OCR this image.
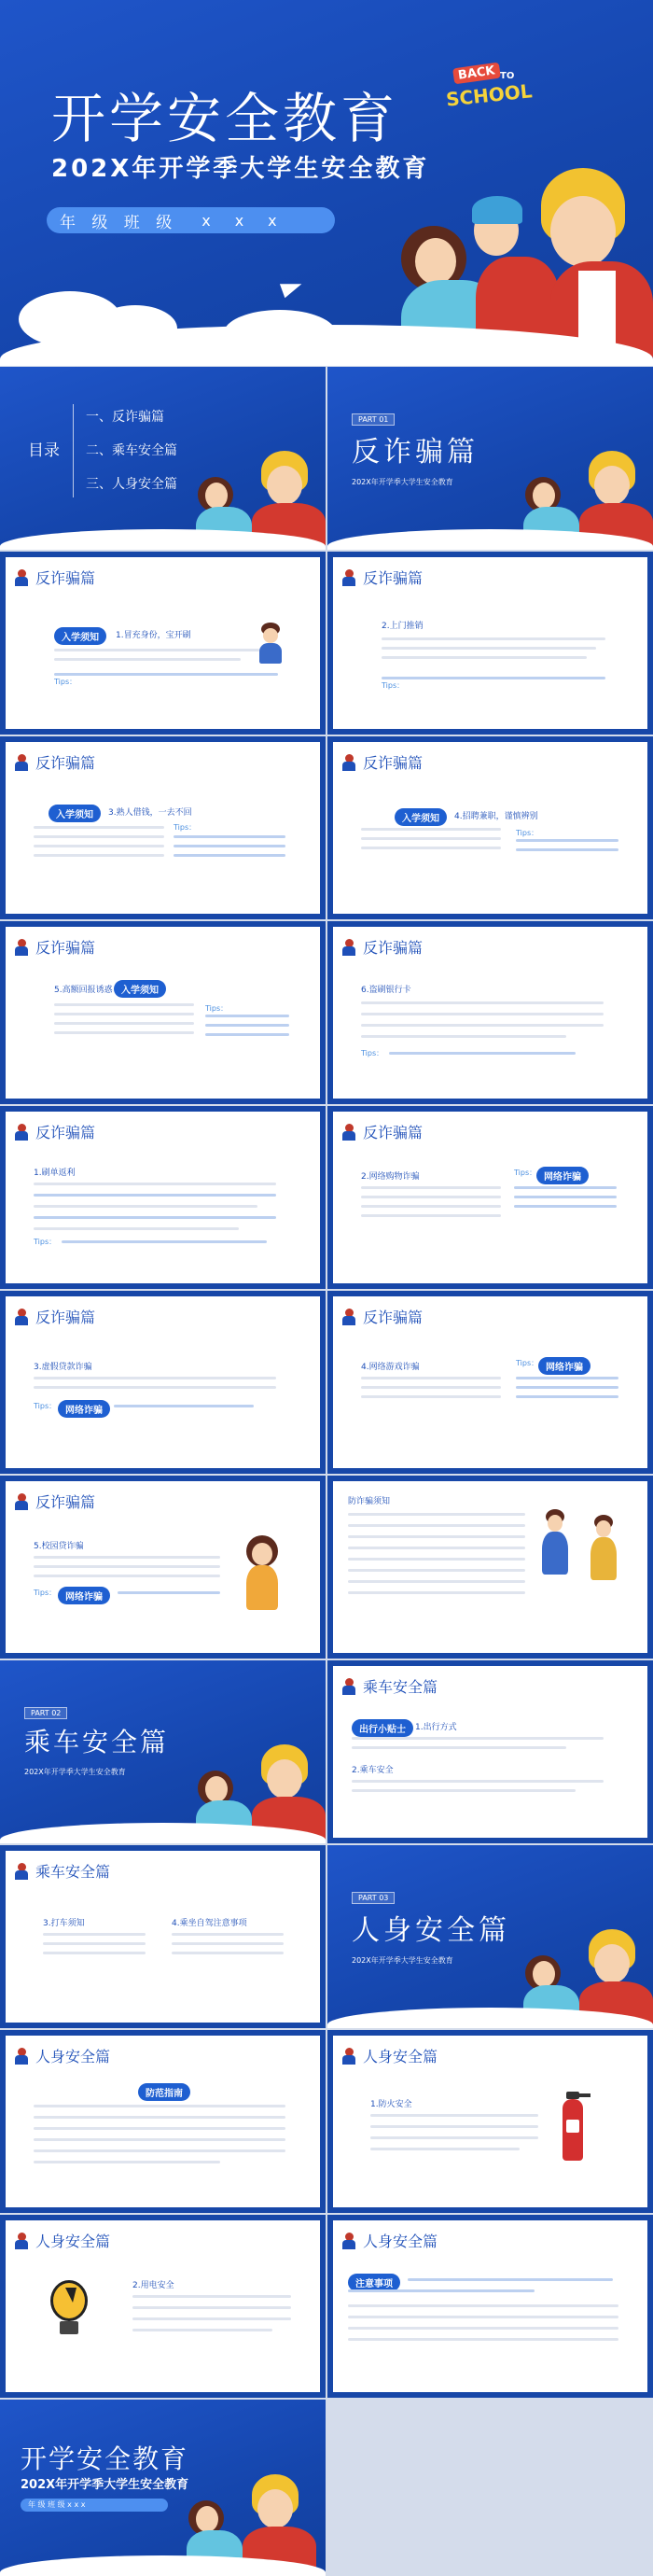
开学安全教育
202X年开学季大学生安全教育
年 级 班 级 x x x
BACK TO
SCHOOL
目录
一、反诈骗篇
二、乘车安全篇
三、人身安全篇
PART 01
反诈骗篇
202X年开学季大学生安全教育
反诈骗篇
入学须知	1.冒充身份，宝开刷
Tips：
反诈骗篇
2.上门推销
Tips：
反诈骗篇
入学须知	3.熟人借钱，一去不回
Tips：
反诈骗篇
入学须知	4.招聘兼职，谨慎辨别
Tips：
反诈骗篇
5.高额回报诱惑 入学须知
Tips：
反诈骗篇
6.盗刷银行卡
Tips：
反诈骗篇
1.刷单返利
Tips：
反诈骗篇
2.网络购物诈骗	Tips： 网络诈骗
反诈骗篇
3.虚假贷款诈骗
Tips： 网络诈骗
反诈骗篇
4.网络游戏诈骗	Tips： 网络诈骗
反诈骗篇
5.校园贷诈骗
Tips： 网络诈骗
防诈骗须知
PART 02
乘车安全篇
202X年开学季大学生安全教育
乘车安全篇
出行小贴士	1.出行方式
2.乘车安全
乘车安全篇
3.打车须知	4.乘坐自驾注意事项
PART 03
人身安全篇
202X年开学季大学生安全教育
人身安全篇
防范指南
人身安全篇
1.防火安全
人身安全篇
2.用电安全
人身安全篇
注意事项
开学安全教育
202X年开学季大学生安全教育
年 级 班 级 x x x
